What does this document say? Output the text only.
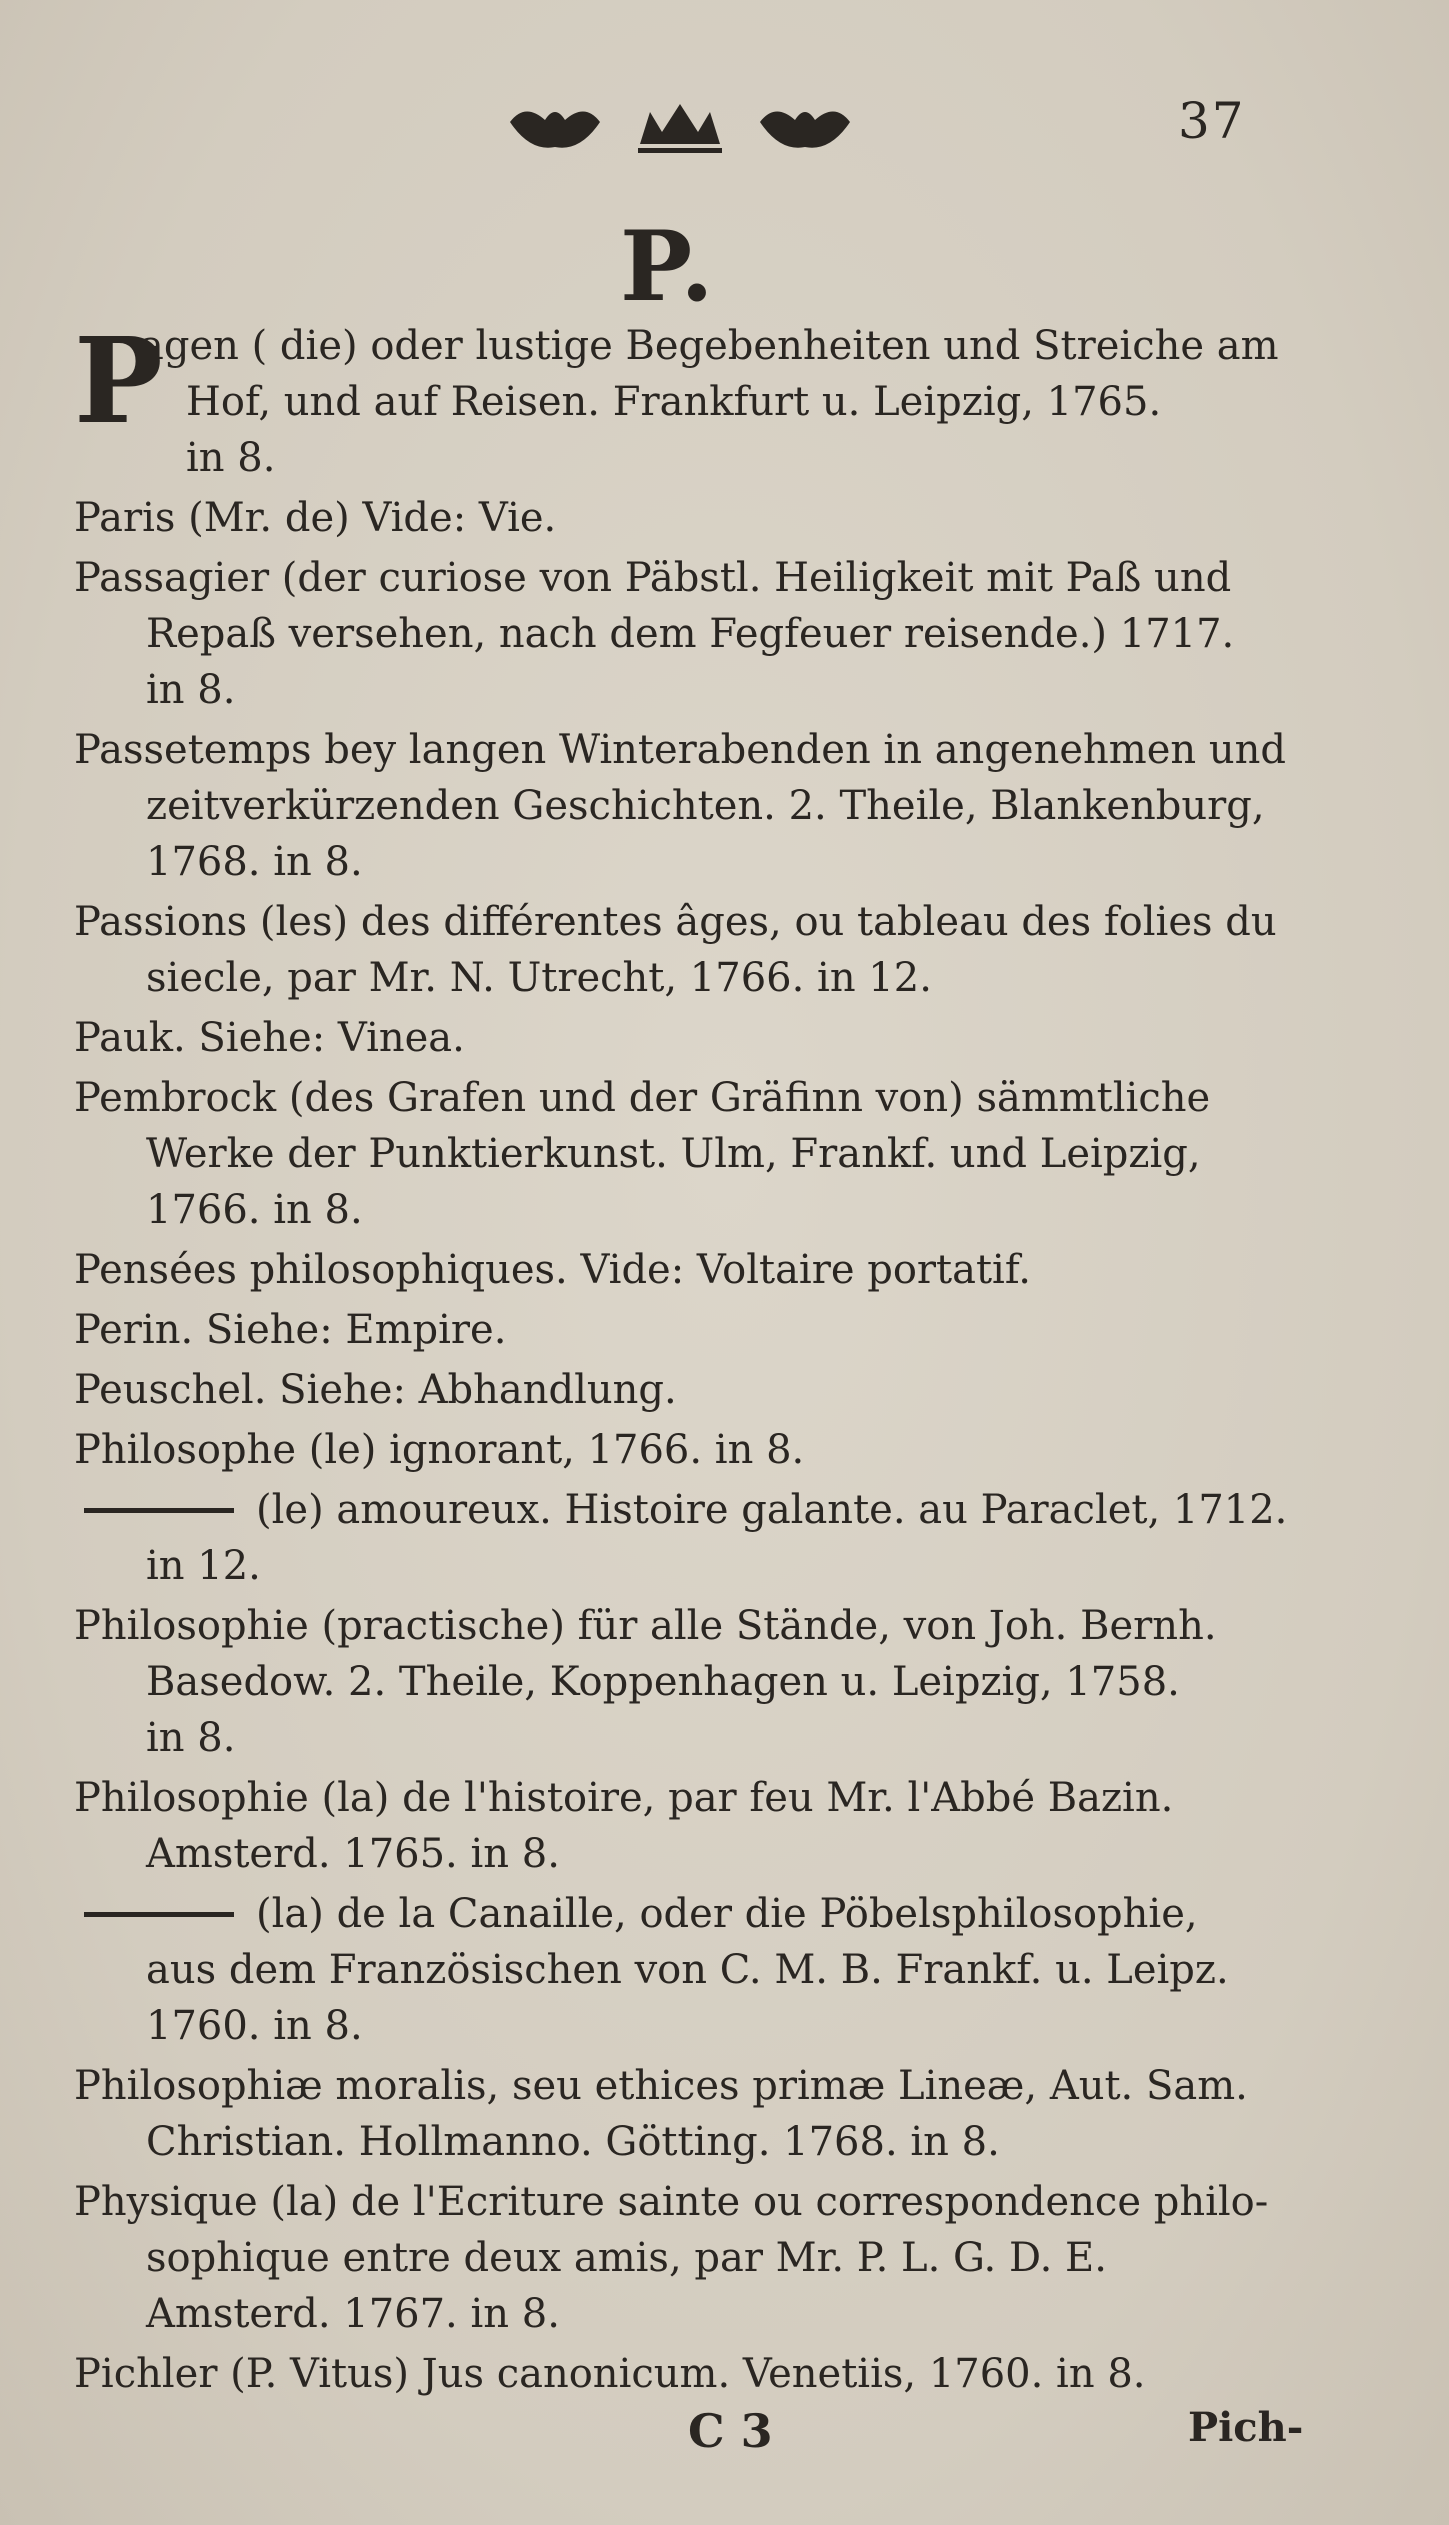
37
P.
P
agen ( die) oder lustige Begebenheiten und Streiche am
Hof, und auf Reisen. Frankfurt u. Leipzig, 1765.
in 8.
Paris (Mr. de) Vide: Vie.
Passagier (der curiose von Päbstl. Heiligkeit mit Paß und
Repaß versehen, nach dem Fegfeuer reisende.) 1717.
in 8.
Passetemps bey langen Winterabenden in angenehmen und
zeitverkürzenden Geschichten. 2. Theile, Blankenburg,
1768. in 8.
Passions (les) des différentes âges, ou tableau des folies du
siecle, par Mr. N. Utrecht, 1766. in 12.
Pauk. Siehe: Vinea.
Pembrock (des Grafen und der Gräfinn von) sämmtliche
Werke der Punktierkunst. Ulm, Frankf. und Leipzig,
1766. in 8.
Pensées philosophiques. Vide: Voltaire portatif.
Perin. Siehe: Empire.
Peuschel. Siehe: Abhandlung.
Philosophe (le) ignorant, 1766. in 8.
(le) amoureux. Histoire galante. au Paraclet, 1712.
in 12.
Philosophie (practische) für alle Stände, von Joh. Bernh.
Basedow. 2. Theile, Koppenhagen u. Leipzig, 1758.
in 8.
Philosophie (la) de l'histoire, par feu Mr. l'Abbé Bazin.
Amsterd. 1765. in 8.
(la) de la Canaille, oder die Pöbelsphilosophie,
aus dem Französischen von C. M. B. Frankf. u. Leipz.
1760. in 8.
Philosophiæ moralis, seu ethices primæ Lineæ, Aut. Sam.
Christian. Hollmanno. Götting. 1768. in 8.
Physique (la) de l'Ecriture sainte ou correspondence philo-
sophique entre deux amis, par Mr. P. L. G. D. E.
Amsterd. 1767. in 8.
Pichler (P. Vitus) Jus canonicum. Venetiis, 1760. in 8.
C 3	Pich-
